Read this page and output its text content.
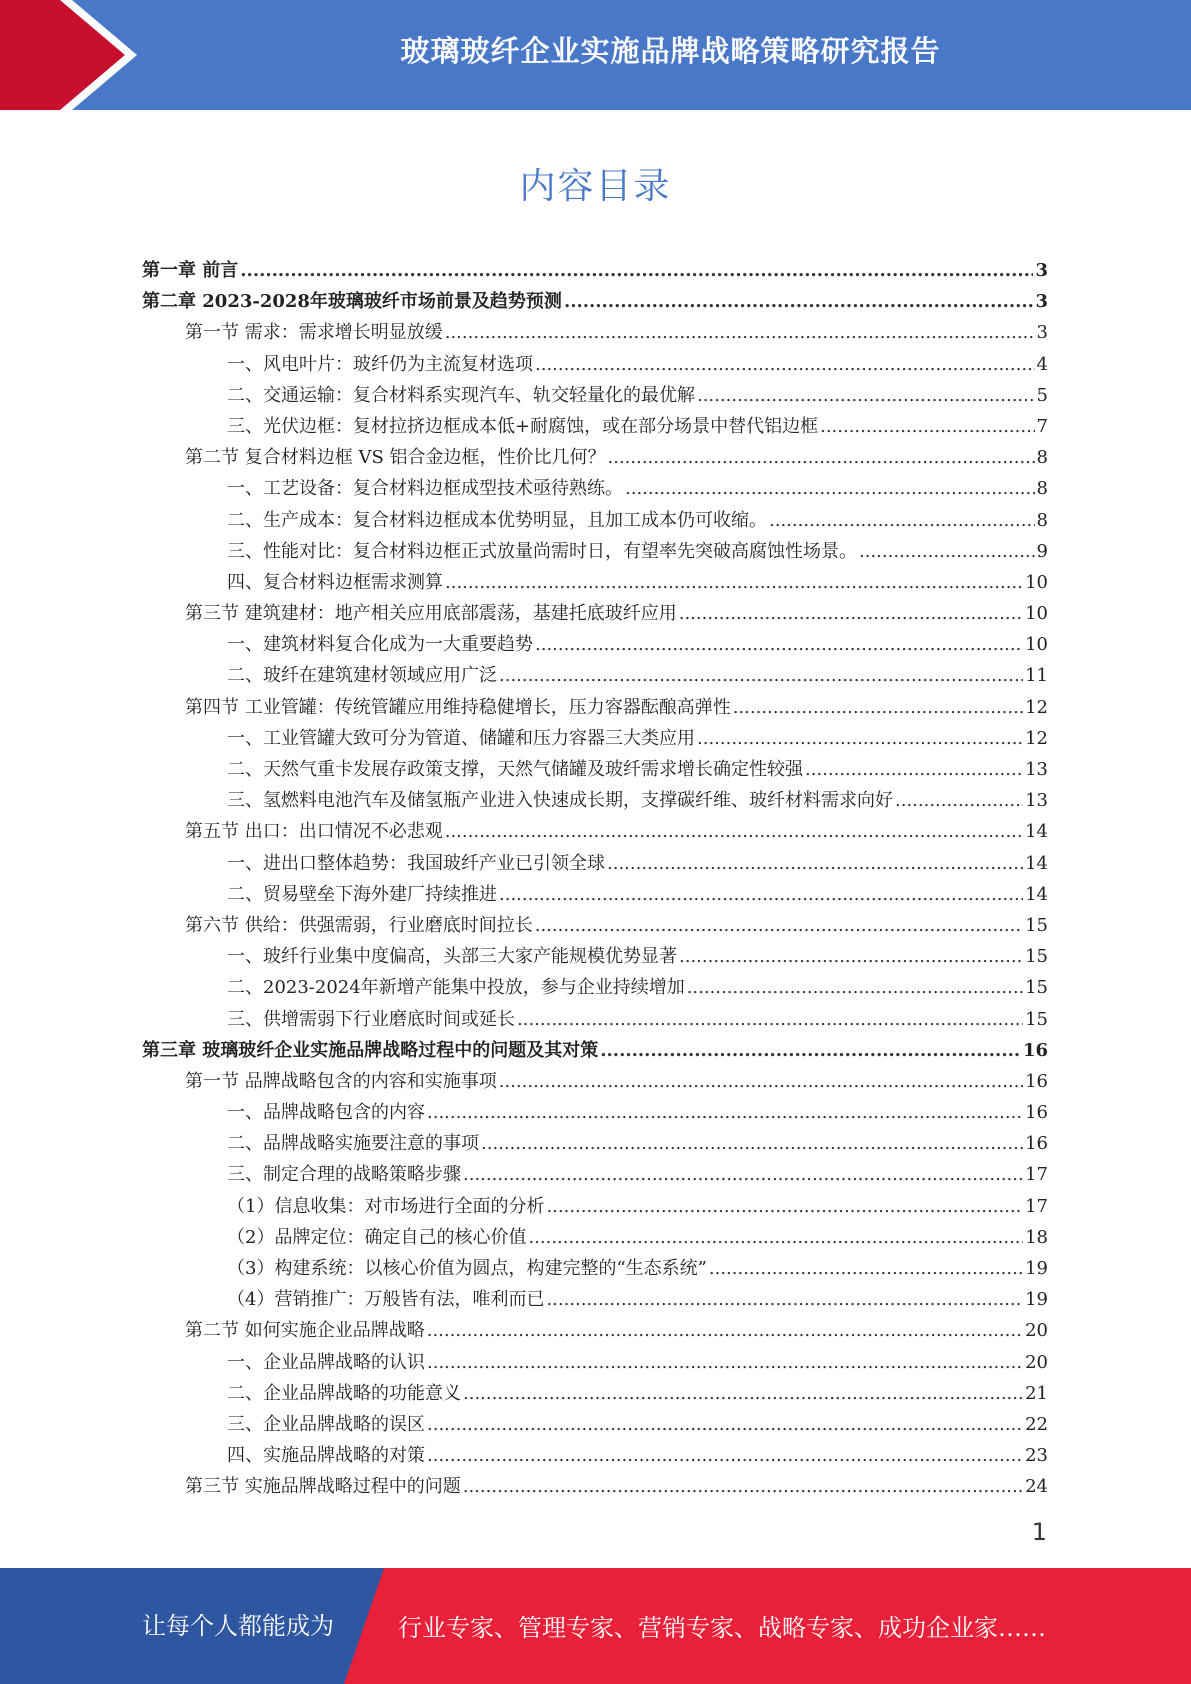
玻璃玻纤企业实施品牌战略策略研究报告
内容目录
第一章 前言 .....	3
第二章 2023-2028年玻璃玻纤市场前景及趋势预测 .....	3
第一节 需求：需求增长明显放缓 .....	3
一、风电叶片：玻纤仍为主流复材选项 .....	4
二、交通运输：复合材料系实现汽车、轨交轻量化的最优解 .....	5
三、光伏边框：复材拉挤边框成本低+耐腐蚀，或在部分场景中替代铝边框 .....	7
第二节 复合材料边框 VS 铝合金边框，性价比几何？ .....	8
一、工艺设备：复合材料边框成型技术亟待熟练。 .....	8
二、生产成本：复合材料边框成本优势明显，且加工成本仍可收缩。 .....	8
三、性能对比：复合材料边框正式放量尚需时日，有望率先突破高腐蚀性场景。 .....	9
四、复合材料边框需求测算 .....	10
第三节 建筑建材：地产相关应用底部震荡，基建托底玻纤应用 .....	10
一、建筑材料复合化成为一大重要趋势 .....	10
二、玻纤在建筑建材领域应用广泛 .....	11
第四节 工业管罐：传统管罐应用维持稳健增长，压力容器酝酿高弹性 .....	12
一、工业管罐大致可分为管道、储罐和压力容器三大类应用 .....	12
二、天然气重卡发展存政策支撑，天然气储罐及玻纤需求增长确定性较强 .....	13
三、氢燃料电池汽车及储氢瓶产业进入快速成长期，支撑碳纤维、玻纤材料需求向好 .....	13
第五节 出口：出口情况不必悲观 .....	14
一、进出口整体趋势：我国玻纤产业已引领全球 .....	14
二、贸易壁垒下海外建厂持续推进 .....	14
第六节 供给：供强需弱，行业磨底时间拉长 .....	15
一、玻纤行业集中度偏高，头部三大家产能规模优势显著 .....	15
二、2023-2024年新增产能集中投放，参与企业持续增加 .....	15
三、供增需弱下行业磨底时间或延长 .....	15
第三章 玻璃玻纤企业实施品牌战略过程中的问题及其对策 .....	16
第一节 品牌战略包含的内容和实施事项 .....	16
一、品牌战略包含的内容 .....	16
二、品牌战略实施要注意的事项 .....	16
三、制定合理的战略策略步骤 .....	17
（1）信息收集：对市场进行全面的分析 .....	17
（2）品牌定位：确定自己的核心价值 .....	18
（3）构建系统：以核心价值为圆点，构建完整的“生态系统” .....	19
（4）营销推广：万般皆有法，唯利而已 .....	19
第二节 如何实施企业品牌战略 .....	20
一、企业品牌战略的认识 .....	20
二、企业品牌战略的功能意义 .....	21
三、企业品牌战略的误区 .....	22
四、实施品牌战略的对策 .....	23
第三节 实施品牌战略过程中的问题 .....	24
1
让每个人都能成为	行业专家、管理专家、营销专家、战略专家、成功企业家……
